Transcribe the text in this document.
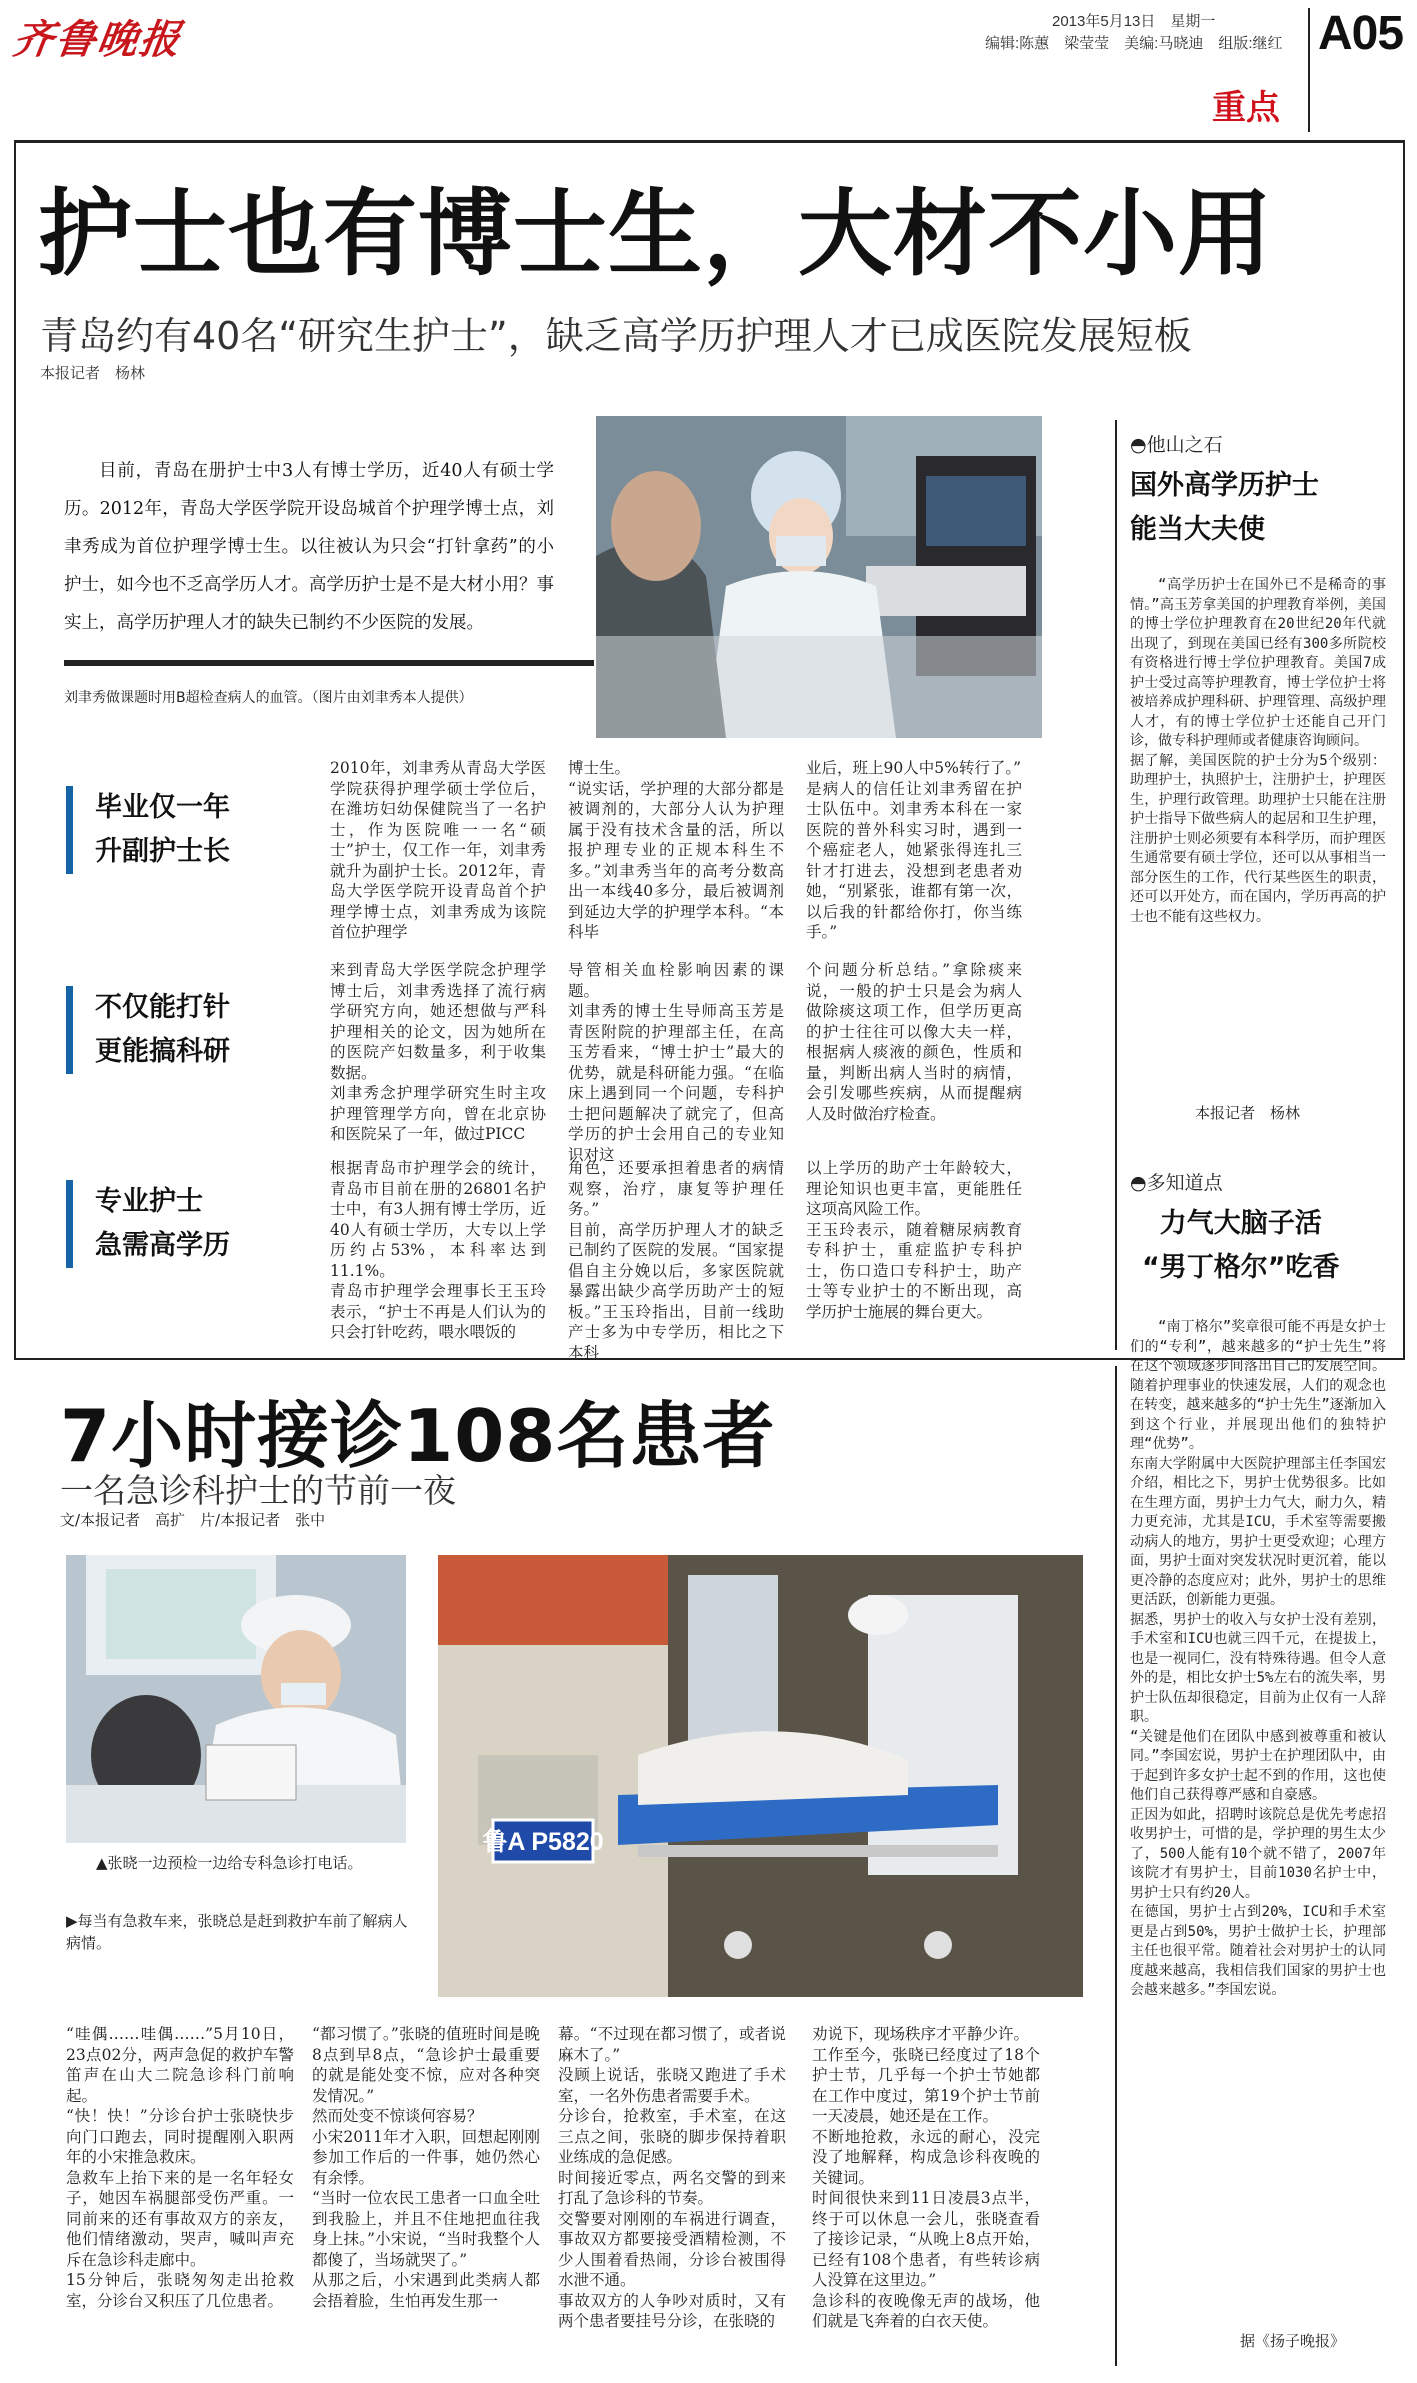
齐鲁晚报	2013年5月13日　星期一
编辑:陈蕙　梁莹莹　美编:马晓迪　组版:继红 A05
重点
护士也有博士生，大材不小用
青岛约有40名“研究生护士”，缺乏高学历护理人才已成医院发展短板
本报记者　杨林

目前，青岛在册护士中3人有博士学历，近40人有硕士学历。2012年，青岛大学医学院开设岛城首个护理学博士点，刘聿秀成为首位护理学博士生。以往被认为只会“打针拿药”的小护士，如今也不乏高学历人才。高学历护士是不是大材小用？事实上，高学历护理人才的缺失已制约不少医院的发展。

刘聿秀做课题时用B超检查病人的血管。（图片由刘聿秀本人提供）
毕业仅一年
升副护士长
不仅能打针
更能搞科研
专业护士
急需高学历
2010年，刘聿秀从青岛大学医学院获得护理学硕士学位后，在潍坊妇幼保健院当了一名护士，作为医院唯一一名“硕士”护士，仅工作一年，刘聿秀就升为副护士长。2012年，青岛大学医学院开设青岛首个护理学博士点，刘聿秀成为该院首位护理学
博士生。
“说实话，学护理的大部分都是被调剂的，大部分人认为护理属于没有技术含量的活，所以报护理专业的正规本科生不多。”刘聿秀当年的高考分数高出一本线40多分，最后被调剂到延边大学的护理学本科。“本科毕
业后，班上90人中5%转行了。”
是病人的信任让刘聿秀留在护士队伍中。刘聿秀本科在一家医院的普外科实习时，遇到一个癌症老人，她紧张得连扎三针才打进去，没想到老患者劝她，“别紧张，谁都有第一次，以后我的针都给你打，你当练手。”
来到青岛大学医学院念护理学博士后，刘聿秀选择了流行病学研究方向，她还想做与严科护理相关的论文，因为她所在的医院产妇数量多，利于收集数据。
刘聿秀念护理学研究生时主攻护理管理学方向，曾在北京协和医院呆了一年，做过PICC
导管相关血栓影响因素的课题。
刘聿秀的博士生导师高玉芳是青医附院的护理部主任，在高玉芳看来，“博士护士”最大的优势，就是科研能力强。“在临床上遇到同一个问题，专科护士把问题解决了就完了，但高学历的护士会用自己的专业知识对这
个问题分析总结。”拿除痰来说，一般的护士只是会为病人做除痰这项工作，但学历更高的护士往往可以像大夫一样，根据病人痰液的颜色，性质和量，判断出病人当时的病情，会引发哪些疾病，从而提醒病人及时做治疗检查。
根据青岛市护理学会的统计，青岛市目前在册的26801名护士中，有3人拥有博士学历，近40人有硕士学历，大专以上学历约占53%，本科率达到11.1%。
青岛市护理学会理事长王玉玲表示，“护士不再是人们认为的只会打针吃药，喂水喂饭的
角色，还要承担着患者的病情观察，治疗，康复等护理任务。”
目前，高学历护理人才的缺乏已制约了医院的发展。“国家提倡自主分娩以后，多家医院就暴露出缺少高学历助产士的短板。”王玉玲指出，目前一线助产士多为中专学历，相比之下本科
以上学历的助产士年龄较大，理论知识也更丰富，更能胜任这项高风险工作。
王玉玲表示，随着糖尿病教育专科护士，重症监护专科护士，伤口造口专科护士，助产士等专业护士的不断出现，高学历护士施展的舞台更大。
◓他山之石
国外高学历护士
能当大夫使
“高学历护士在国外已不是稀奇的事情。”高玉芳拿美国的护理教育举例，美国的博士学位护理教育在20世纪20年代就出现了，到现在美国已经有300多所院校有资格进行博士学位护理教育。美国7成护士受过高等护理教育，博士学位护士将被培养成护理科研、护理管理、高级护理人才，有的博士学位护士还能自己开门诊，做专科护理师或者健康咨询顾问。
据了解，美国医院的护士分为5个级别：助理护士，执照护士，注册护士，护理医生，护理行政管理。助理护士只能在注册护士指导下做些病人的起居和卫生护理，注册护士则必须要有本科学历，而护理医生通常要有硕士学位，还可以从事相当一部分医生的工作，代行某些医生的职责，还可以开处方，而在国内，学历再高的护士也不能有这些权力。
本报记者　杨林
◓多知道点
力气大脑子活
“男丁格尔”吃香
“南丁格尔”奖章很可能不再是女护士们的“专利”，越来越多的“护士先生”将在这个领域逐步间落出自己的发展空间。随着护理事业的快速发展，人们的观念也在转变，越来越多的“护士先生”逐渐加入到这个行业，并展现出他们的独特护理“优势”。
东南大学附属中大医院护理部主任李国宏介绍，相比之下，男护士优势很多。比如在生理方面，男护士力气大，耐力久，精力更充沛，尤其是ICU，手术室等需要搬动病人的地方，男护士更受欢迎；心理方面，男护士面对突发状况时更沉着，能以更冷静的态度应对；此外，男护士的思维更活跃，创新能力更强。
据悉，男护士的收入与女护士没有差别，手术室和ICU也就三四千元，在提拔上，也是一视同仁，没有特殊待遇。但令人意外的是，相比女护士5%左右的流失率，男护士队伍却很稳定，目前为止仅有一人辞职。
“关键是他们在团队中感到被尊重和被认同。”李国宏说，男护士在护理团队中，由于起到许多女护士起不到的作用，这也使他们自己获得尊严感和自豪感。
正因为如此，招聘时该院总是优先考虑招收男护士，可惜的是，学护理的男生太少了，500人能有10个就不错了，2007年该院才有男护士，目前1030名护士中，男护士只有约20人。
在德国，男护士占到20%，ICU和手术室更是占到50%，男护士做护士长，护理部主任也很平常。随着社会对男护士的认同度越来越高，我相信我们国家的男护士也会越来越多。”李国宏说。
据《扬子晚报》
7小时接诊108名患者
一名急诊科护士的节前一夜
文/本报记者　高扩　片/本报记者　张中
▲张晓一边预检一边给专科急诊打电话。
▶每当有急救车来，张晓总是赶到救护车前了解病人病情。
鲁A P5820
“哇偶……哇偶……”5月10日，23点02分，两声急促的救护车警笛声在山大二院急诊科门前响起。
“快！快！”分诊台护士张晓快步向门口跑去，同时提醒刚入职两年的小宋推急救床。
急救车上抬下来的是一名年轻女子，她因车祸腿部受伤严重。一同前来的还有事故双方的亲友，他们情绪激动，哭声，喊叫声充斥在急诊科走廊中。
15分钟后，张晓匆匆走出抢救室，分诊台又积压了几位患者。
“都习惯了。”张晓的值班时间是晚8点到早8点，“急诊护士最重要的就是能处变不惊，应对各种突发情况。”
然而处变不惊谈何容易？
小宋2011年才入职，回想起刚刚参加工作后的一件事，她仍然心有余悸。
“当时一位农民工患者一口血全吐到我脸上，并且不住地把血往我身上抹。”小宋说，“当时我整个人都傻了，当场就哭了。”
从那之后，小宋遇到此类病人都会捂着脸，生怕再发生那一
幕。“不过现在都习惯了，或者说麻木了。”
没顾上说话，张晓又跑进了手术室，一名外伤患者需要手术。
分诊台，抢救室，手术室，在这三点之间，张晓的脚步保持着职业练成的急促感。
时间接近零点，两名交警的到来打乱了急诊科的节奏。
交警要对刚刚的车祸进行调查，事故双方都要接受酒精检测，不少人围着看热闹，分诊台被围得水泄不通。
事故双方的人争吵对质时，又有两个患者要挂号分诊，在张晓的
劝说下，现场秩序才平静少许。
工作至今，张晓已经度过了18个护士节，几乎每一个护士节她都在工作中度过，第19个护士节前一天凌晨，她还是在工作。
不断地抢救，永远的耐心，没完没了地解释，构成急诊科夜晚的关键词。
时间很快来到11日凌晨3点半，终于可以休息一会儿，张晓查看了接诊记录，“从晚上8点开始，已经有108个患者，有些转诊病人没算在这里边。”
急诊科的夜晚像无声的战场，他们就是飞奔着的白衣天使。
